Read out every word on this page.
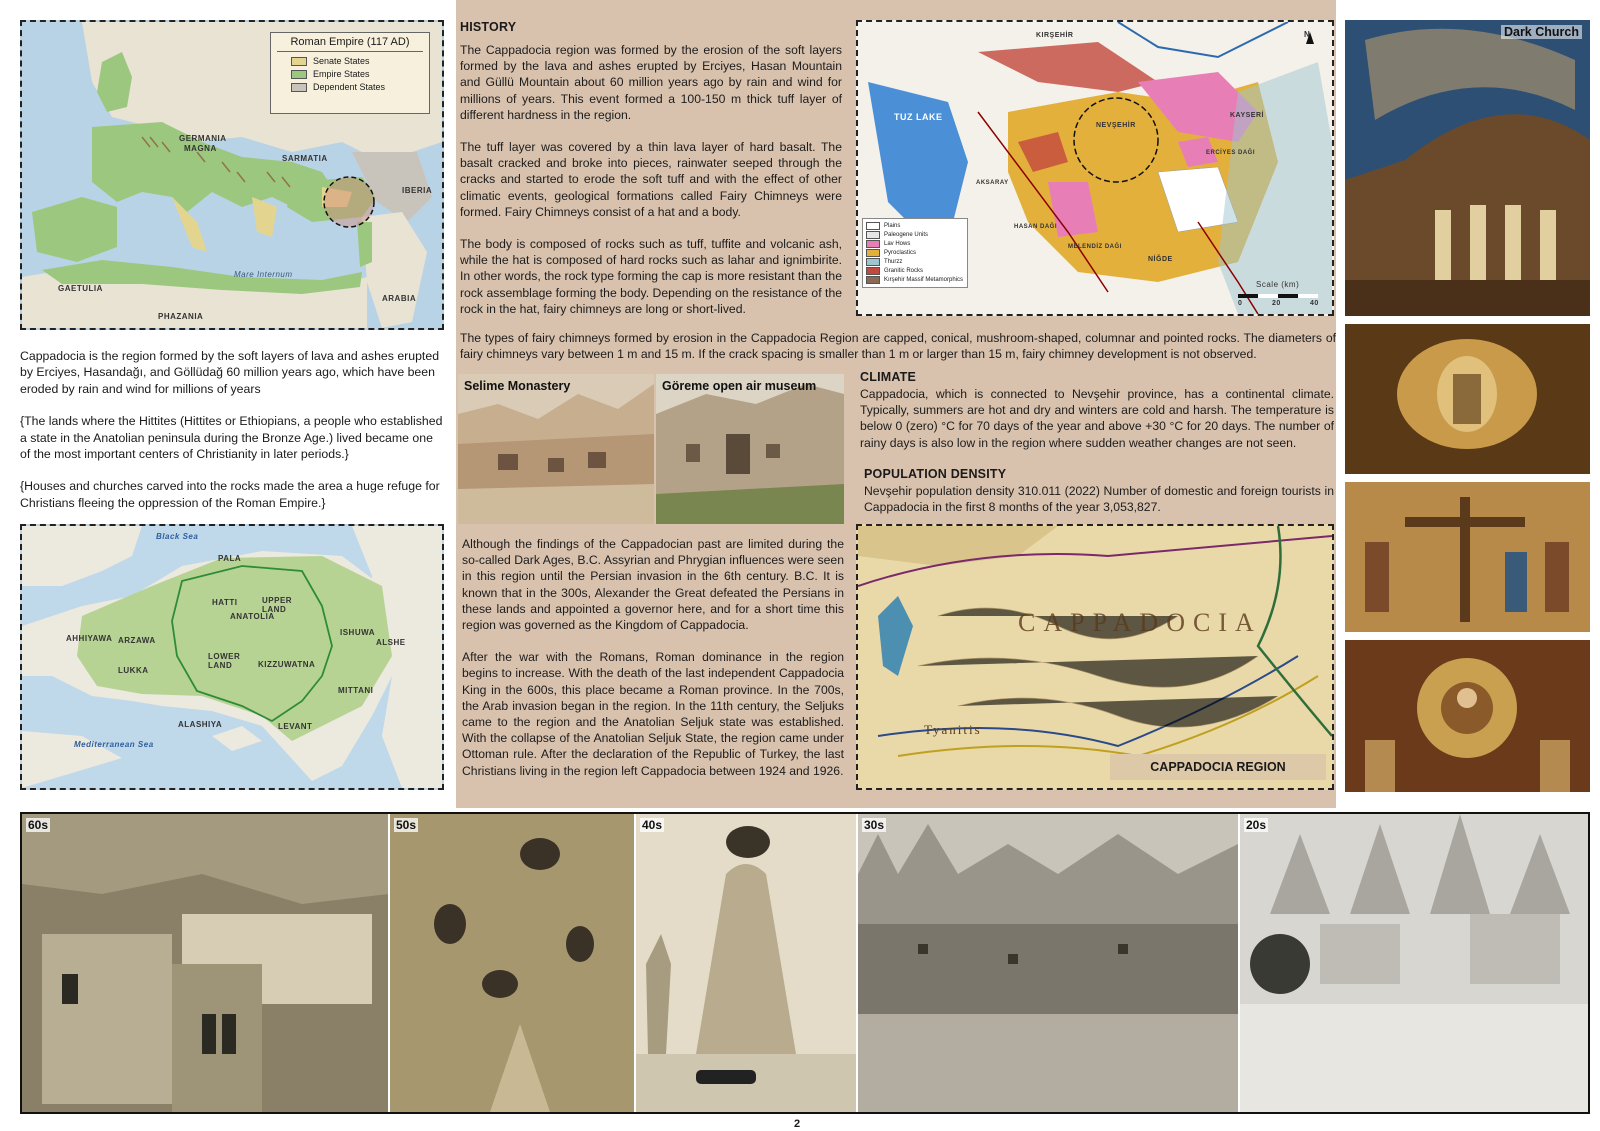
Roman Empire (117 AD)
Senate States
Empire States
Dependent States
GERMANIA
MAGNA
SARMATIA
IBERIA
GAETULIA
PHAZANIA
ARABIA
Mare Internum

Cappadocia is the region formed by the soft layers of lava and ashes erupted by Erciyes, Hasandağı, and Göllüdağ 60 million years ago, which have been eroded by rain and wind for millions of years

{The lands where the Hittites (Hittites or Ethiopians, a people who established a state in the Anatolian peninsula during the Bronze Age.) lived became one of the most important centers of Christianity in later periods.}

{Houses and churches carved into the rocks made the area a huge refuge for Christians fleeing the oppression of the Roman Empire.}

Black Sea
Mediterranean Sea
PALA
HATTI
ANATOLIA
UPPER LAND
LOWER LAND
AHHIYAWA ARZAWA
LUKKA
KIZZUWATNA
ISHUWA
ALSHE
MITTANI
LEVANT
ALASHIYA
HISTORY

The Cappadocia region was formed by the erosion of the soft layers formed by the lava and ashes erupted by Erciyes, Hasan Mountain and Güllü Mountain about 60 million years ago by rain and wind for millions of years. This event formed a 100-150 m thick tuff layer of different hardness in the region.

The tuff layer was covered by a thin lava layer of hard basalt. The basalt cracked and broke into pieces, rainwater seeped through the cracks and started to erode the soft tuff and with the effect of other climatic events, geological formations called Fairy Chimneys were formed. Fairy Chimneys consist of a hat and a body.

The body is composed of rocks such as tuff, tuffite and volcanic ash, while the hat is composed of hard rocks such as lahar and ignimbirite. In other words, the rock type forming the cap is more resistant than the rock assemblage forming the body. Depending on the resistance of the rock in the hat, fairy chimneys are long or short-lived.

TUZ LAKE
NEVŞEHİR
KIRŞEHİR
AKSARAY
NİĞDE
KAYSERİ
ERCİYES DAĞI
HASAN DAĞI
MELENDİZ DAĞI
N
Scale (km)
0	20	40
Plains
Paleogene Units
Lav Hows
Pyroclastics
Thurzz
Granitic Rocks
Kırşehir Massif Metamorphics

The types of fairy chimneys formed by erosion in the Cappadocia Region are capped, conical, mushroom-shaped, columnar and pointed rocks. The diameters of fairy chimneys vary between 1 m and 15 m. If the crack spacing is smaller than 1 m or larger than 15 m, fairy chimney development is not observed.

Selime Monastery	Göreme open air museum
CLIMATE

Cappadocia, which is connected to Nevşehir province, has a continental climate. Typically, summers are hot and dry and winters are cold and harsh. The temperature is below 0 (zero) °C for 70 days of the year and above +30 °C for 20 days. The number of rainy days is also low in the region where sudden weather changes are not seen.

POPULATION DENSITY

Nevşehir population density 310.011 (2022) Number of domestic and foreign tourists in Cappadocia in the first 8 months of the year 3,053,827.

Although the findings of the Cappadocian past are limited during the so-called Dark Ages, B.C. Assyrian and Phrygian influences were seen in this region until the Persian invasion in the 6th century. B.C. It is known that in the 300s, Alexander the Great defeated the Persians in these lands and appointed a governor here, and for a short time this region was governed as the Kingdom of Cappadocia.

After the war with the Romans, Roman dominance in the region begins to increase. With the death of the last independent Cappadocia King in the 600s, this place became a Roman province. In the 700s, the Arab invasion began in the region. In the 11th century, the Seljuks came to the region and the Anatolian Seljuk state was established. With the collapse of the Anatolian Seljuk State, the region came under Ottoman rule. After the declaration of the Republic of Turkey, the last Christians living in the region left Cappadocia between 1924 and 1926.

CAPPADOCIA
Tyanitis
CAPPADOCIA REGION
Dark Church
60s	50s	40s	30s	20s
2
